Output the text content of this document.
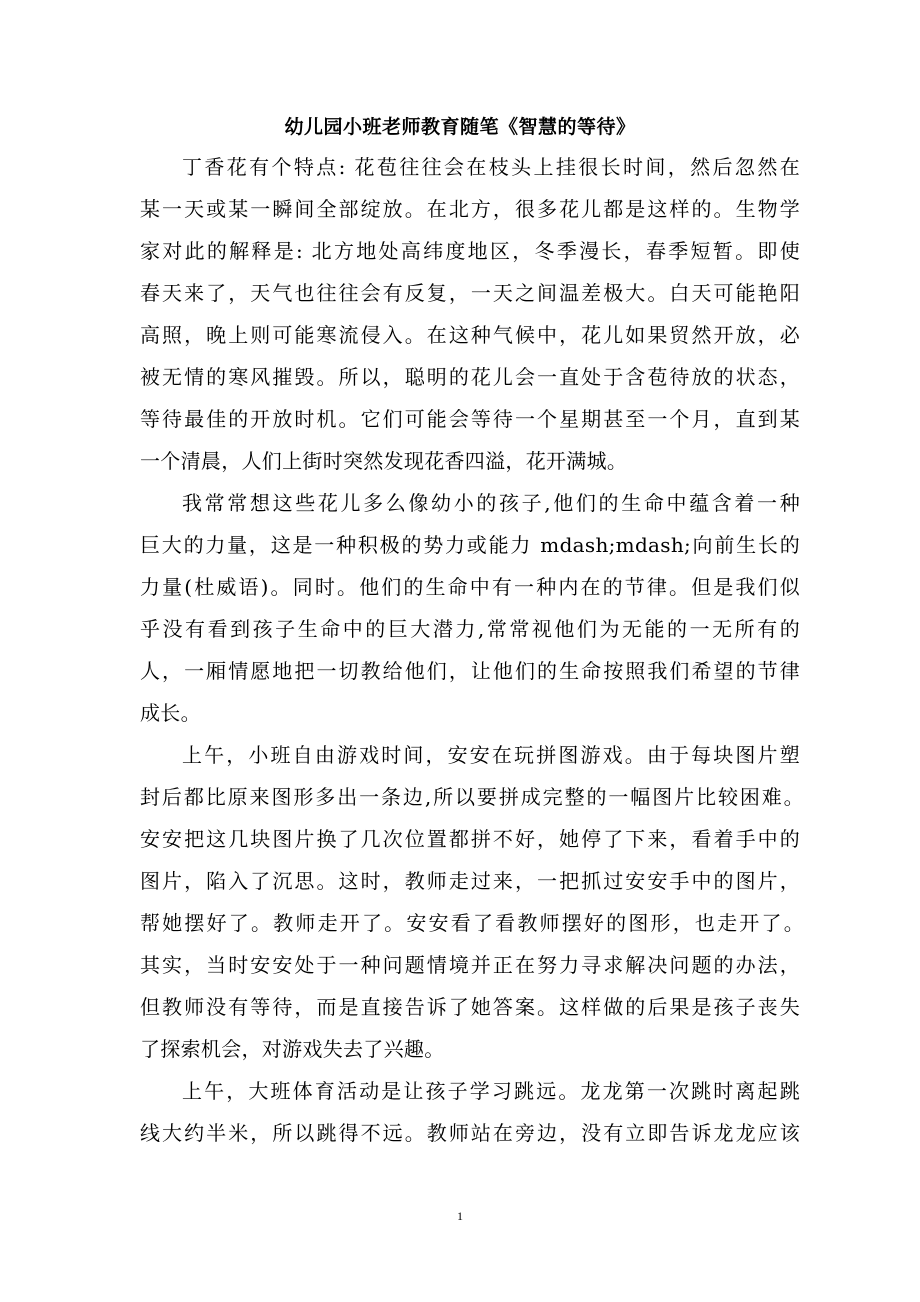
幼儿园小班老师教育随笔《智慧的等待》
丁香花有个特点: 花苞往往会在枝头上挂很长时间，然后忽然在
某一天或某一瞬间全部绽放。在北方，很多花儿都是这样的。生物学
家对此的解释是: 北方地处高纬度地区，冬季漫长，春季短暂。即使
春天来了，天气也往往会有反复，一天之间温差极大。白天可能艳阳
高照，晚上则可能寒流侵入。在这种气候中，花儿如果贸然开放，必
被无情的寒风摧毁。所以，聪明的花儿会一直处于含苞待放的状态，
等待最佳的开放时机。它们可能会等待一个星期甚至一个月，直到某
一个清晨，人们上街时突然发现花香四溢，花开满城。
我常常想这些花儿多么像幼小的孩子,他们的生命中蕴含着一种
巨大的力量，这是一种积极的势力或能力 mdash;mdash;向前生长的
力量(杜威语)。同时。他们的生命中有一种内在的节律。但是我们似
乎没有看到孩子生命中的巨大潜力,常常视他们为无能的一无所有的
人，一厢情愿地把一切教给他们，让他们的生命按照我们希望的节律
成长。
上午，小班自由游戏时间，安安在玩拼图游戏。由于每块图片塑
封后都比原来图形多出一条边,所以要拼成完整的一幅图片比较困难。
安安把这几块图片换了几次位置都拼不好，她停了下来，看着手中的
图片，陷入了沉思。这时，教师走过来，一把抓过安安手中的图片，
帮她摆好了。教师走开了。安安看了看教师摆好的图形，也走开了。
其实，当时安安处于一种问题情境并正在努力寻求解决问题的办法，
但教师没有等待，而是直接告诉了她答案。这样做的后果是孩子丧失
了探索机会，对游戏失去了兴趣。
上午，大班体育活动是让孩子学习跳远。龙龙第一次跳时离起跳
线大约半米，所以跳得不远。教师站在旁边，没有立即告诉龙龙应该
1
